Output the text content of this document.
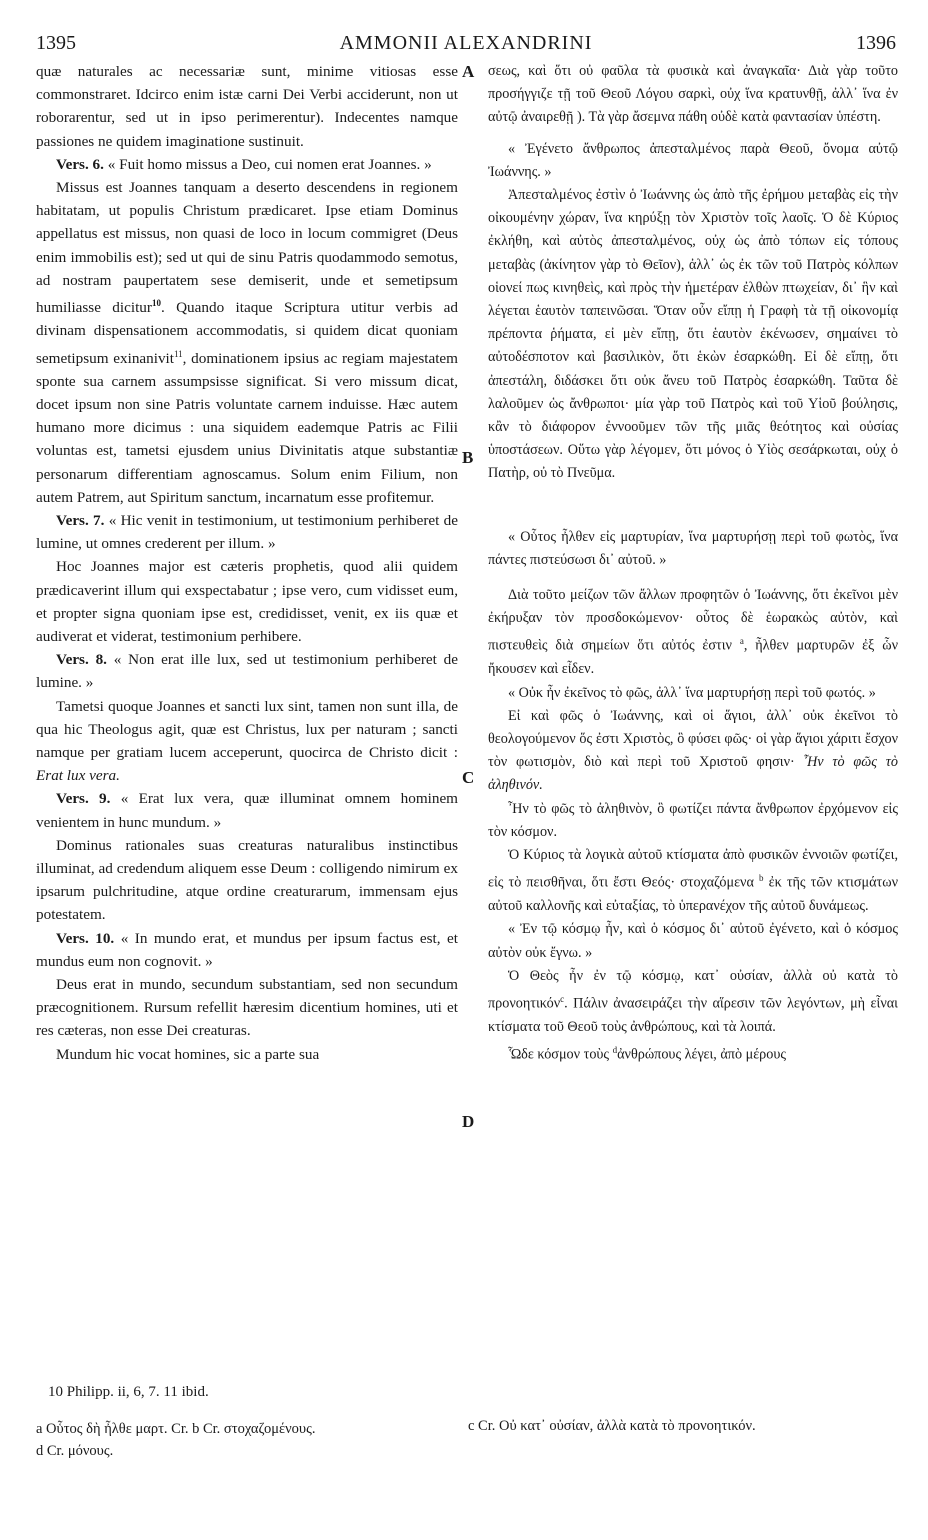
1395	AMMONII ALEXANDRINI	1396

quæ naturales ac necessariæ sunt, minime vitiosas esse commonstraret. Idcirco enim istæ carni Dei Verbi acciderunt, non ut roborarentur, sed ut in ipso perimerentur). Indecentes namque passiones ne quidem imaginatione sustinuit.

Vers. 6. « Fuit homo missus a Deo, cui nomen erat Joannes. »

Missus est Joannes tanquam a deserto descendens in regionem habitatam, ut populis Christum prædicaret. Ipse etiam Dominus appellatus est missus, non quasi de loco in locum commigret (Deus enim immobilis est); sed ut qui de sinu Patris quodammodo semotus, ad nostram paupertatem sese demiserit, unde et semetipsum humiliasse dicitur$^{10}$. Quando itaque Scriptura utitur verbis ad divinam dispensationem accommodatis, si quidem dicat quoniam semetipsum exinanivit$^{11}$, dominationem ipsius ac regiam majestatem sponte sua carnem assumpsisse significat. Si vero missum dicat, docet ipsum non sine Patris voluntate carnem induisse. Hæc autem humano more dicimus : una siquidem eademque Patris ac Filii voluntas est, tametsi ejusdem unius Divinitatis atque substantiæ personarum differentiam agnoscamus. Solum enim Filium, non autem Patrem, aut Spiritum sanctum, incarnatum esse profitemur.

Vers. 7. « Hic venit in testimonium, ut testimonium perhiberet de lumine, ut omnes crederent per illum. »

Hoc Joannes major est cæteris prophetis, quod alii quidem prædicaverint illum qui exspectabatur ; ipse vero, cum vidisset eum, et propter signa quoniam ipse est, credidisset, venit, ex iis quæ et audiverat et viderat, testimonium perhibere.

Vers. 8. « Non erat ille lux, sed ut testimonium perhiberet de lumine. »

Tametsi quoque Joannes et sancti lux sint, tamen non sunt illa, de qua hic Theologus agit, quæ est Christus, lux per naturam ; sancti namque per gratiam lucem acceperunt, quocirca de Christo dicit : Erat lux vera.

Vers. 9. « Erat lux vera, quæ illuminat omnem hominem venientem in hunc mundum. »

Dominus rationales suas creaturas naturalibus instinctibus illuminat, ad credendum aliquem esse Deum : colligendo nimirum ex ipsarum pulchritudine, atque ordine creaturarum, immensam ejus potestatem.

Vers. 10. « In mundo erat, et mundus per ipsum factus est, et mundus eum non cognovit. »

Deus erat in mundo, secundum substantiam, sed non secundum præcognitionem. Rursum refellit hæresim dicentium homines, uti et res cæteras, non esse Dei creaturas.

Mundum hic vocat homines, sic a parte sua

A
B
C
D

σεως, καὶ ὅτι οὐ φαῦλα τὰ φυσικὰ καὶ ἀναγκαῖα· Διὰ γὰρ τοῦτο προσήγγιζε τῇ τοῦ Θεοῦ Λόγου σαρκὶ, οὐχ ἵνα κρατυνθῇ, ἀλλ᾽ ἵνα ἐν αὐτῷ ἀναιρεθῇ ). Τὰ γὰρ ἄσεμνα πάθη οὐδὲ κατὰ φαντασίαν ὑπέστη.

« Ἐγένετο ἄνθρωπος ἀπεσταλμένος παρὰ Θεοῦ, ὄνομα αὐτῷ Ἰωάννης. »

Ἀπεσταλμένος ἐστὶν ὁ Ἰωάννης ὡς ἀπὸ τῆς ἐρήμου μεταβὰς εἰς τὴν οἰκουμένην χώραν, ἵνα κηρύξῃ τὸν Χριστὸν τοῖς λαοῖς. Ὁ δὲ Κύριος ἐκλήθη, καὶ αὐτὸς ἀπεσταλμένος, οὐχ ὡς ἀπὸ τόπων εἰς τόπους μεταβὰς (ἀκίνητον γὰρ τὸ Θεῖον), ἀλλ᾽ ὡς ἐκ τῶν τοῦ Πατρὸς κόλπων οἱονεί πως κινηθεὶς, καὶ πρὸς τὴν ἡμετέραν ἐλθὼν πτωχείαν, δι᾽ ἣν καὶ λέγεται ἑαυτὸν ταπεινῶσαι. Ὅταν οὖν εἴπῃ ἡ Γραφὴ τὰ τῇ οἰκονομίᾳ πρέποντα ῥήματα, εἰ μὲν εἴπῃ, ὅτι ἑαυτὸν ἐκένωσεν, σημαίνει τὸ αὐτοδέσποτον καὶ βασιλικὸν, ὅτι ἑκὼν ἐσαρκώθη. Εἰ δὲ εἴπῃ, ὅτι ἀπεστάλη, διδάσκει ὅτι οὐκ ἄνευ τοῦ Πατρὸς ἐσαρκώθη. Ταῦτα δὲ λαλοῦμεν ὡς ἄνθρωποι· μία γὰρ τοῦ Πατρὸς καὶ τοῦ Υἱοῦ βούλησις, κἂν τὸ διάφορον ἐννοοῦμεν τῶν τῆς μιᾶς θεότητος καὶ οὐσίας ὑποστάσεων. Οὕτω γὰρ λέγομεν, ὅτι μόνος ὁ Υἱὸς σεσάρκωται, οὐχ ὁ Πατὴρ, οὐ τὸ Πνεῦμα.

« Οὗτος ἦλθεν εἰς μαρτυρίαν, ἵνα μαρτυρήσῃ περὶ τοῦ φωτὸς, ἵνα πάντες πιστεύσωσι δι᾽ αὐτοῦ. »

Διὰ τοῦτο μείζων τῶν ἄλλων προφητῶν ὁ Ἰωάννης, ὅτι ἐκεῖνοι μὲν ἐκήρυξαν τὸν προσδοκώμενον· οὗτος δὲ ἑωρακὼς αὐτὸν, καὶ πιστευθεὶς διὰ σημείων ὅτι αὐτός ἐστιν $^a$, ἦλθεν μαρτυρῶν ἐξ ὧν ἤκουσεν καὶ εἶδεν.

« Οὐκ ἦν ἐκεῖνος τὸ φῶς, ἀλλ᾽ ἵνα μαρτυρήσῃ περὶ τοῦ φωτός. »

Εἰ καὶ φῶς ὁ Ἰωάννης, καὶ οἱ ἅγιοι, ἀλλ᾽ οὐκ ἐκεῖνοι τὸ θεολογούμενον ὅς ἐστι Χριστὸς, ὃ φύσει φῶς· οἱ γὰρ ἅγιοι χάριτι ἔσχον τὸν φωτισμὸν, διὸ καὶ περὶ τοῦ Χριστοῦ φησιν· Ἦν τὸ φῶς τὸ ἀληθινόν.

Ἦν τὸ φῶς τὸ ἀληθινὸν, ὃ φωτίζει πάντα ἄνθρωπον ἐρχόμενον εἰς τὸν κόσμον.

Ὁ Κύριος τὰ λογικὰ αὐτοῦ κτίσματα ἀπὸ φυσικῶν ἐννοιῶν φωτίζει, εἰς τὸ πεισθῆναι, ὅτι ἔστι Θεός· στοχαζόμενα $^b$ ἐκ τῆς τῶν κτισμάτων αὐτοῦ καλλονῆς καὶ εὐταξίας, τὸ ὑπερανέχον τῆς αὐτοῦ δυνάμεως.

« Ἐν τῷ κόσμῳ ἦν, καὶ ὁ κόσμος δι᾽ αὐτοῦ ἐγένετο, καὶ ὁ κόσμος αὐτὸν οὐκ ἔγνω. »

Ὁ Θεὸς ἦν ἐν τῷ κόσμῳ, κατ᾽ οὐσίαν, ἀλλὰ οὐ κατὰ τὸ προνοητικόν$^c$. Πάλιν ἀνασειράζει τὴν αἵρεσιν τῶν λεγόντων, μὴ εἶναι κτίσματα τοῦ Θεοῦ τοὺς ἀνθρώπους, καὶ τὰ λοιπά.

Ὧδε κόσμον τοὺς $^d$ἀνθρώπους λέγει, ἀπὸ μέρους

10 Philipp. ii, 6, 7. 11 ibid.
a Οὗτος δὴ ἦλθε μαρτ. Cr. b Cr. στοχαζομένους.
d Cr. μόνους.
c Cr. Οὐ κατ᾽ οὐσίαν, ἀλλὰ κατὰ τὸ προνοητικόν.
